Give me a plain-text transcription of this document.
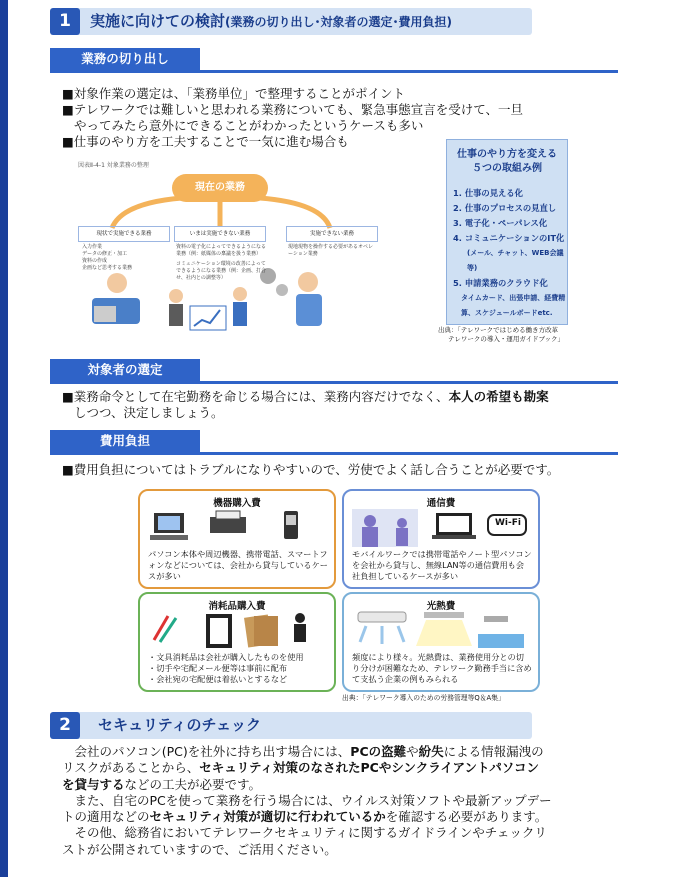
1	実施に向けての検討(業務の切り出し･対象者の選定･費用負担)
業務の切り出し

■対象作業の選定は、「業務単位」で整理することがポイント

■テレワークでは難しいと思われる業務についても、緊急事態宣言を受けて、一旦

やってみたら意外にできることがわかったというケースも多い

■仕事のやり方を工夫することで一気に進む場合も

図表Ⅱ-4-1 対象業務の整理
現在の業務
現状で実施できる業務	いまは実施できない業務	実施できない業務
入力作業
データの修正・加工
資料の作成
企画など思考する業務
資料の電子化によってできるようになる業務（例：紙媒体の稟議を扱う業務）
コミュニケーション環境の改善によってできるようになる業務（例：企画、打合せ、社内との調整等）
現地現物を操作する必要があるオペレーション業務
仕事のやり方を変える
５つの取組み例
1. 仕事の見える化
2. 仕事のプロセスの見直し
3. 電子化・ペーパレス化
4. コミュニケーションのIT化
(メール、チャット、WEB会議等)
5. 申請業務のクラウド化
タイムカード、出張申請、経費精
算、スケジュールボードetc.
出典：「テレワークではじめる働き方改革
テレワークの導入・運用ガイドブック」
対象者の選定

■業務命令として在宅勤務を命じる場合には、業務内容だけでなく、本人の希望も勘案

しつつ、決定しましょう。

費用負担

■費用負担についてはトラブルになりやすいので、労使でよく話し合うことが必要です。

機器購入費
パソコン本体や周辺機器、携帯電話、スマートフォンなどについては、会社から貸与しているケースが多い
通信費
Wi-Fi
モバイルワークでは携帯電話やノート型パソコンを会社から貸与し、無線LAN等の通信費用も会社負担しているケースが多い
消耗品購入費
・文具消耗品は会社が購入したものを使用
・切手や宅配メール便等は事前に配布
・会社宛の宅配便は着払いとするなど
光熱費
頻度により様々。光熱費は、業務使用分との切り分けが困難なため、テレワーク勤務手当に含めて支払う企業の例もみられる
出典：「テレワーク導入のための労務管理等Q＆A集」
2	セキュリティのチェック

　会社のパソコン(PC)を社外に持ち出す場合には、PCの盗難や紛失による情報漏洩の

リスクがあることから、セキュリティ対策のなされたPCやシンクライアントパソコン

を貸与するなどの工夫が必要です。

　また、自宅のPCを使って業務を行う場合には、ウイルス対策ソフトや最新アップデー

トの適用などのセキュリティ対策が適切に行われているかを確認する必要があります。

　その他、総務省においてテレワークセキュリティに関するガイドラインやチェックリ

ストが公開されていますので、ご活用ください。
